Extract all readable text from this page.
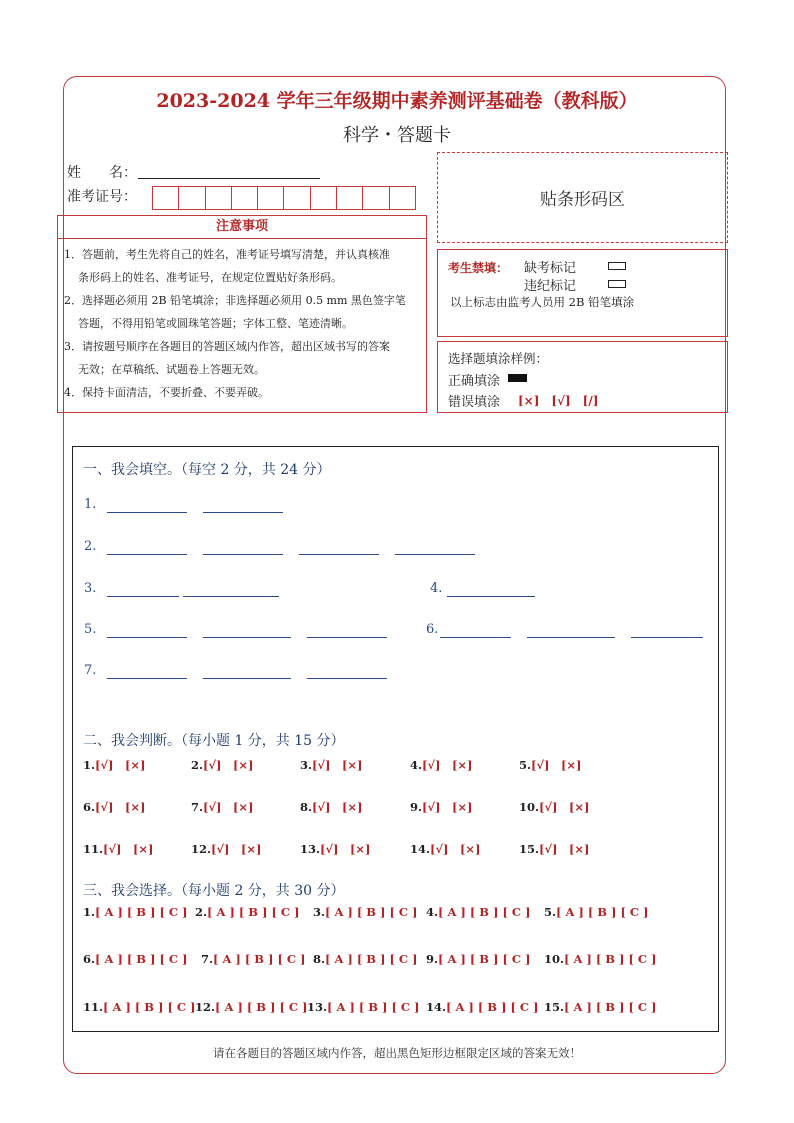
2023-2024 学年三年级期中素养测评基础卷（教科版）
科学・答题卡
姓　　名：
准考证号：	贴条形码区
注意事项
1．答题前，考生先将自己的姓名，准考证号填写清楚，并认真核准
条形码上的姓名、准考证号，在规定位置贴好条形码。
2．选择题必须用 2B 铅笔填涂；非选择题必须用 0.5 mm 黑色签字笔
答题，不得用铅笔或圆珠笔答题；字体工整、笔迹清晰。
3．请按题号顺序在各题目的答题区域内作答，超出区域书写的答案
无效；在草稿纸、试题卷上答题无效。
4．保持卡面清洁，不要折叠、不要弄破。
考生禁填： 缺考标记
违纪标记
以上标志由监考人员用 2B 铅笔填涂
选择题填涂样例：
正确填涂
错误填涂 [×]　[√]　[/]
一、我会填空。（每空 2 分，共 24 分）
1.
2.
3.	4.
5.	6.
7.
二、我会判断。（每小题 1 分，共 15 分）
1.[√]　[×]	2.[√]　[×]	3.[√]　[×]	4.[√]　[×]	5.[√]　[×]
6.[√]　[×]	7.[√]　[×]	8.[√]　[×]	9.[√]　[×]	10.[√]　[×]
11.[√]　[×]	12.[√]　[×]	13.[√]　[×]	14.[√]　[×]	15.[√]　[×]
三、我会选择。（每小题 2 分，共 30 分）
1.[ A ] [ B ] [ C ] 2.[ A ] [ B ] [ C ] 3.[ A ] [ B ] [ C ] 4.[ A ] [ B ] [ C ] 5.[ A ] [ B ] [ C ]
6.[ A ] [ B ] [ C ] 7.[ A ] [ B ] [ C ] 8.[ A ] [ B ] [ C ] 9.[ A ] [ B ] [ C ] 10.[ A ] [ B ] [ C ]
11.[ A ] [ B ] [ C ] 12.[ A ] [ B ] [ C ] 13.[ A ] [ B ] [ C ] 14.[ A ] [ B ] [ C ] 15.[ A ] [ B ] [ C ]
请在各题目的答题区域内作答，超出黑色矩形边框限定区域的答案无效！
